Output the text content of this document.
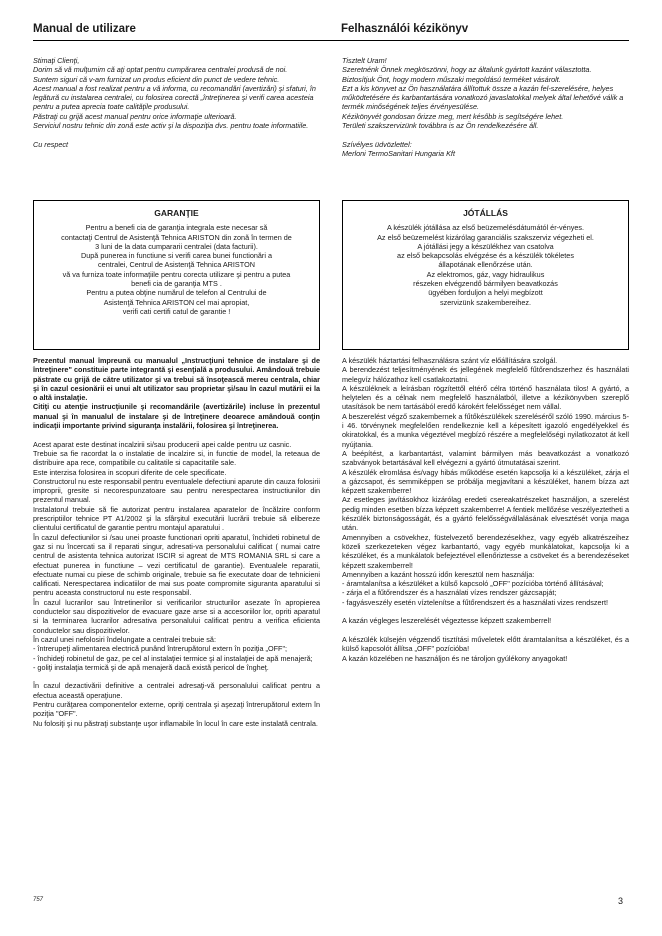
Manual de utilizare	Felhasználói kézikönyv

Stimaţi Clienţi,

Dorim să vă mulţumim că aţi optat pentru cumpărarea centralei produsă de noi.

Suntem siguri că v-am furnizat un produs eficient din punct de vedere tehnic.

Acest manual a fost realizat pentru a vă informa, cu recomandări (avertizări) şi sfaturi, în legătură cu instalarea centralei, cu folosirea corectă „întreţinerea şi verifi carea acesteia pentru a putea aprecia toate calităţile produsului.

Păstraţi cu grijă acest manual pentru orice informaţie ulterioară.

Serviciul nostru tehnic din zonă este activ şi la dispoziţia dvs. pentru toate informatiile.

Cu respect

Tisztelt Uram!

Szeretnénk Önnek megköszönni, hogy az általunk gyártott kazánt választotta.

Biztosítjuk Önt, hogy modern műszaki megoldású terméket vásárolt.

Ezt a kis könyvet az Ön használatára állítottuk össze a kazán fel-szerelésére, helyes működtetésére és karbantartására vonatkozó javaslatokkal melyek által lehetővé válik a termék minőségének teljes érvényesülése.

Kézikönyvét gondosan őrizze meg, mert később is segítségére lehet.

Területi szakszervizünk továbbra is az Ön rendelkezésére áll.

Szívélyes üdvözlettel:

Merloni TermoSanitari Hungaria Kft

GARANŢIE

Pentru a benefi cia de garanţia integrala este necesar să

contactaţi Centrul de Asistenţă Tehnica ARISTON din zonă în termen de

3 luni de la data cumpararii centralei (data facturii).

După punerea in functiune si verifi carea bunei functionări a

centralei, Centrul de Asistenţă Tehnica ARISTON

vă va furniza toate informaţiile pentru corecta utilizare şi pentru a putea

benefi cia de garanţia MTS .

Pentru a putea obţine numărul de telefon al Centrului de

Asistenţă Tehnica ARISTON cel mai apropiat,

verifi cati certifi catul de garantie !

JÓTÁLLÁS

A készülék jótállása az első beüzemelésdátumától ér-vényes.

Az első beüzemelést kizárólag garanciális szakszerviz végezheti el.

A jótállási jegy a készülékhez van csatolva

az első bekapcsolás elvégzése és a készülék tökéletes

állapotának ellenőrzése után.

Az elektromos, gáz, vagy hidraulikus

részeken elvégzendő bármilyen beavatkozás

ügyében forduljon a helyi megbízott

szervizünk szakembereihez.

Prezentul manual împreună cu manualul „Instrucţiuni tehnice de instalare şi de întreţinere" constituie parte integrantă şi esenţială a produsului. Amândouă trebuie păstrate cu grijă de către utilizator şi va trebui să însoţească mereu centrala, chiar şi în cazul cesionării ei unui alt utilizator sau proprietar şi/sau în cazul mutării ei la o altă instalaţie.

Citiţi cu atenţie instrucţiunile şi recomandările (avertizările) incluse în prezentul manual şi în manualul de instalare şi de întreţinere deoarece amândouă conţin indicaţii importante privind siguranţa instalării, folosirea şi întreţinerea.

Acest aparat este destinat incalzirii si/sau producerii apei calde pentru uz casnic.

Trebuie sa fie racordat la o instalatie de incalzire si, in functie de model, la reteaua de distribuire apa rece, compatibile cu calitatile si capacitatile sale.

Este interzisa folosirea in scopuri diferite de cele specificate.

Constructorul nu este responsabil pentru eventualele defectiuni aparute din cauza folosirii improprii, gresite si necorespunzatoare sau pentru nerespectarea instructiunilor din prezentul manual.

Instalatorul trebuie să fie autorizat pentru instalarea aparatelor de încălzire conform prescriptiilor tehnice PT A1/2002 şi la sfârşitul executării lucrării trebuie să elibereze clientului certificatul de garantie pentru montajul aparatului .

În cazul defectiunilor si /sau unei proaste functionari opriti aparatul, închideti robinetul de gaz si nu încercati sa il reparati singur, adresati-va personalului calificat ( numai catre centrul de asistenta tehnica autorizat ISCIR si agreat de MTS ROMANIA SRL si care a efectuat punerea in functiune – vezi certificatul de garantie). Eventualele reparatii, efectuate numai cu piese de schimb originale, trebuie sa fie executate doar de tehnicieni calificati. Nerespectarea indicatiilor de mai sus poate compromite siguranta aparatului si pentru aceasta constructorul nu este responsabil.

În cazul lucrarilor sau întretinerilor si verificarilor structurilor asezate în apropierea conductelor sau dispozitivelor de evacuare gaze arse si a accesoriilor lor, opriti aparatul si la terminarea lucrarilor adresativa personalului calificat pentru a verifica eficienta conductelor sau dispozitivelor.

În cazul unei nefolosiri îndelungate a centralei trebuie să:

- întrerupeţi alimentarea electrică punând întrerupătorul extern în poziţia „OFF";

- închideţi robinetul de gaz, pe cel al instalaţiei termice şi al instalaţiei de apă menajeră;

- goliţi instalaţia termică şi de apă menajeră dacă există pericol de îngheţ.

În cazul dezactivării definitive a centralei adresaţi-vă personalului calificat pentru a efectua această operaţiune.

Pentru curăţarea componentelor externe, opriţi centrala şi aşezaţi întrerupătorul extern în poziţia "OFF".

Nu folosiţi şi nu păstraţi substanţe uşor inflamabile în locul în care este instalată centrala.

A készülék háztartási felhasználásra szánt víz előállítására szolgál.

A berendezést teljesítményének és jellegének megfelelő fűtőrendszerhez és használati melegvíz hálózathoz kell csatlakoztatni.

A készüléknek a leírásban rögzítettől eltérő célra történő használata tilos! A gyártó, a helytelen és a célnak nem megfelelő használatból, illetve a kézikönyvben szereplő utasítások be nem tartásából eredő károkért felelősséget nem vállal.

A beszerelést végző szakembernek a fűtőkészülékek szereléséről szóló 1990. március 5-i 46. törvénynek megfelelően rendelkeznie kell a képesített igazoló engedélyekkel és okiratokkal, és a munka végeztével megbízó részére a megfelelőségi nyilatkozatot át kell nyújtania.

A beépítést, a karbantartást, valamint bármilyen más beavatkozást a vonatkozó szabványok betartásával kell elvégezni a gyártó útmutatásai szerint.

A készülék elromlása és/vagy hibás működése esetén kapcsolja ki a készüléket, zárja el a gázcsapot, és semmiképpen se próbálja megjavítani a készüléket, hanem bízza azt képzett szakemberre!

Az esetleges javításokhoz kizárólag eredeti csereakatrészeket használjon, a szerelést pedig minden esetben bízza képzett szakemberre! A fentiek mellőzése veszélyeztetheti a készülék biztonságosságát, és a gyártó felelősségvállalásának elvesztését vonja maga után.

Amennyiben a csövekhez, füstelvezető berendezésekhez, vagy egyéb alkatrészeihez közeli szerkezeteken végez karbantartó, vagy egyéb munkálatokat, kapcsolja ki a készüléket, és a munkálatok befejeztével ellenőriztesse a csöveket és a berendezéseket képzett szakemberrel!

Amennyiben a kazánt hosszú időn keresztül nem használja:

- áramtalanítsa a készüléket a külső kapcsoló „OFF" pozícióba történő állításával;

- zárja el a fűtőrendszer és a használati vízes rendszer gázcsapját;

- fagyásveszély esetén víztelenítse a fűtőrendszert és a használati vizes rendszert!

A kazán végleges leszerelését végeztesse képzett szakemberrel!

A készülék külsején végzendő tisztítási műveletek előtt áramtalanítsa a készüléket, és a külső kapcsolót állítsa „OFF" pozícióba!

A kazán közelében ne használjon és ne tároljon gyúlékony anyagokat!

757	3
